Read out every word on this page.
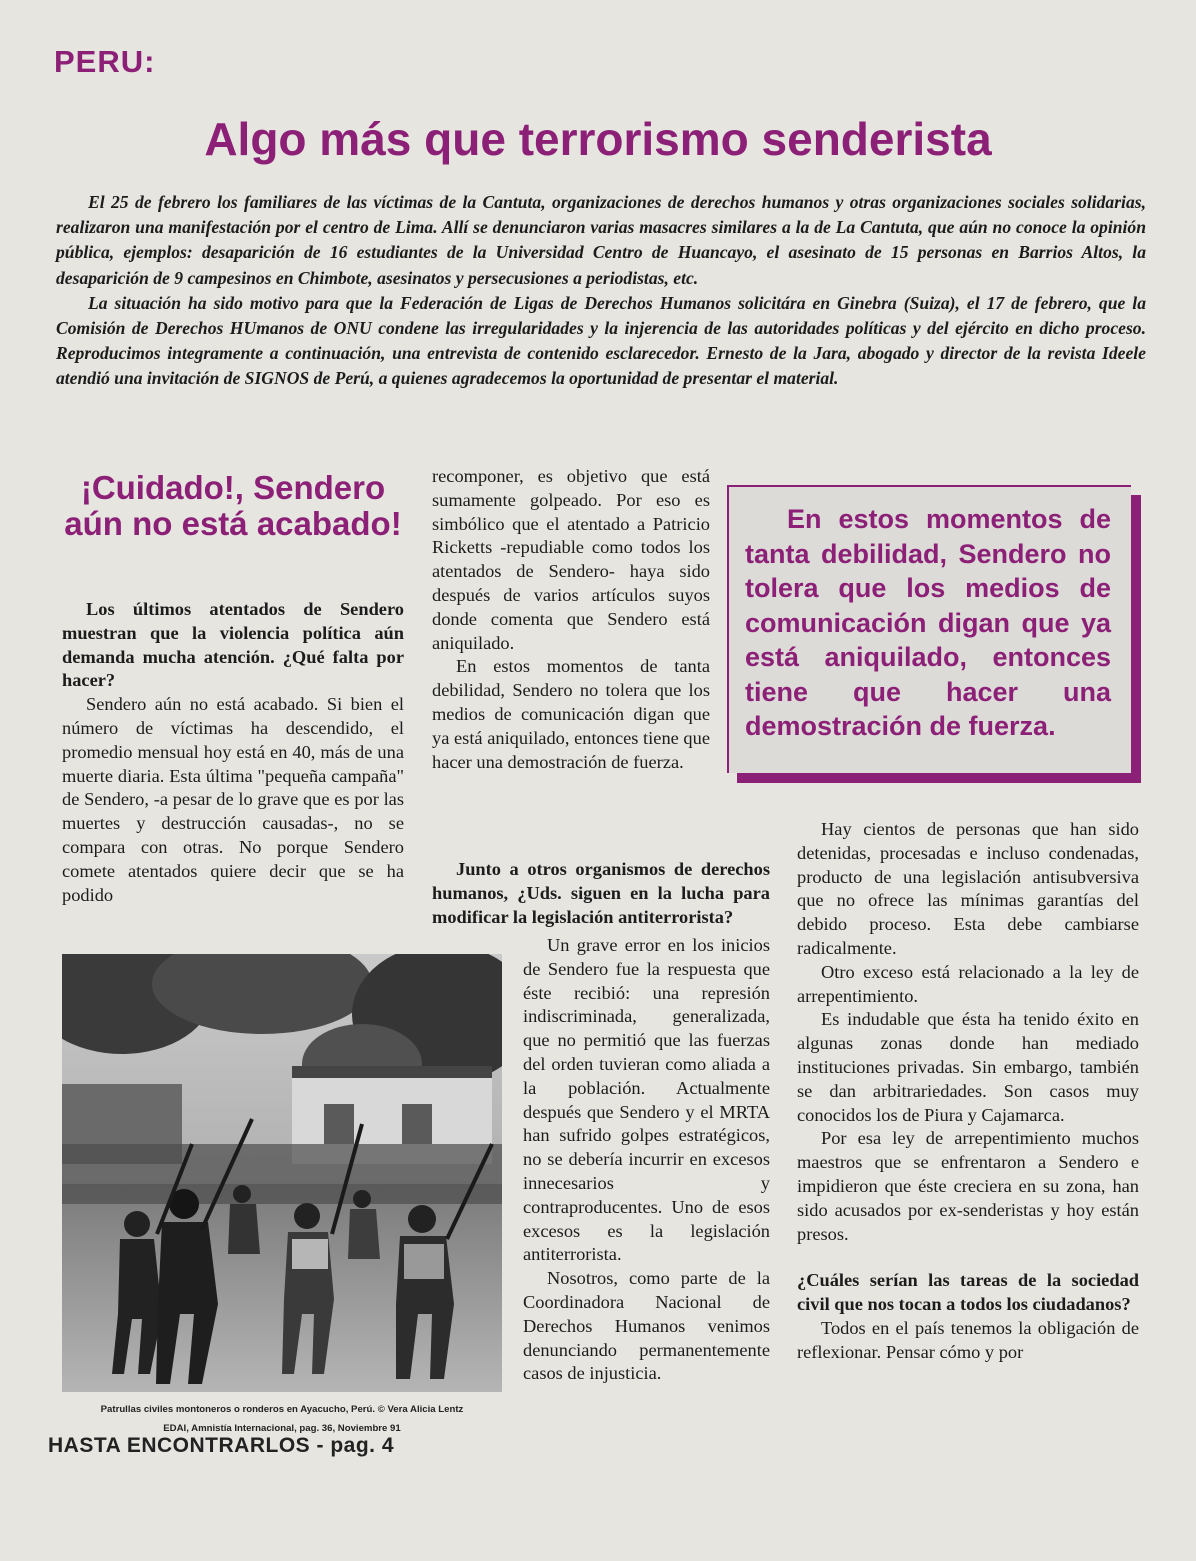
PERU:
Algo más que terrorismo senderista

El 25 de febrero los familiares de las víctimas de la Cantuta, organizaciones de derechos humanos y otras organizaciones sociales solidarias, realizaron una manifestación por el centro de Lima. Allí se denunciaron varias masacres similares a la de La Cantuta, que aún no conoce la opinión pública, ejemplos: desaparición de 16 estudiantes de la Universidad Centro de Huancayo, el asesinato de 15 personas en Barrios Altos, la desaparición de 9 campesinos en Chimbote, asesinatos y persecusiones a periodistas, etc.

La situación ha sido motivo para que la Federación de Ligas de Derechos Humanos solicitára en Ginebra (Suiza), el 17 de febrero, que la Comisión de Derechos HUmanos de ONU condene las irregularidades y la injerencia de las autoridades políticas y del ejército en dicho proceso. Reproducimos integramente a continuación, una entrevista de contenido esclarecedor. Ernesto de la Jara, abogado y director de la revista Ideele atendió una invitación de SIGNOS de Perú, a quienes agradecemos la oportunidad de presentar el material.

¡Cuidado!, Sendero aún no está acabado!

Los últimos atentados de Sendero muestran que la violencia política aún demanda mucha atención. ¿Qué falta por hacer?

Sendero aún no está acabado. Si bien el número de víctimas ha descendido, el promedio mensual hoy está en 40, más de una muerte diaria. Esta última "pequeña campaña" de Sendero, -a pesar de lo grave que es por las muertes y destrucción causadas-, no se compara con otras. No porque Sendero comete atentados quiere decir que se ha podido

recomponer, es objetivo que está sumamente golpeado. Por eso es simbólico que el atentado a Patricio Ricketts -repudiable como todos los atentados de Sendero- haya sido después de varios artículos suyos donde comenta que Sendero está aniquilado.

En estos momentos de tanta debilidad, Sendero no tolera que los medios de comunicación digan que ya está aniquilado, entonces tiene que hacer una demostración de fuerza.

Junto a otros organismos de derechos humanos, ¿Uds. siguen en la lucha para modificar la legislación antiterrorista?

Un grave error en los inicios de Sendero fue la respuesta que éste recibió: una represión indiscriminada, generalizada, que no permitió que las fuerzas del orden tuvieran como aliada a la población. Actualmente después que Sendero y el MRTA han sufrido golpes estratégicos, no se debería incurrir en excesos innecesarios y contraproducentes. Uno de esos excesos es la legislación antiterrorista.

Nosotros, como parte de la Coordinadora Nacional de Derechos Humanos venimos denunciando permanentemente casos de injusticia.

En estos momentos de tanta debilidad, Sendero no tolera que los medios de comunicación digan que ya está aniquilado, entonces tiene que hacer una demostración de fuerza.

Hay cientos de personas que han sido detenidas, procesadas e incluso condenadas, producto de una legislación antisubversiva que no ofrece las mínimas garantías del debido proceso. Esta debe cambiarse radicalmente.

Otro exceso está relacionado a la ley de arrepentimiento.

Es indudable que ésta ha tenido éxito en algunas zonas donde han mediado instituciones privadas. Sin embargo, también se dan arbitrariedades. Son casos muy conocidos los de Piura y Cajamarca.

Por esa ley de arrepentimiento muchos maestros que se enfrentaron a Sendero e impidieron que éste creciera en su zona, han sido acusados por ex-senderistas y hoy están presos.

¿Cuáles serían las tareas de la sociedad civil que nos tocan a todos los ciudadanos?

Todos en el país tenemos la obligación de reflexionar. Pensar cómo y por

Patrullas civiles montoneros o ronderos en Ayacucho, Perú. © Vera Alicia Lentz
EDAI, Amnistía Internacional, pag. 36, Noviembre 91
HASTA ENCONTRARLOS - pag. 4
